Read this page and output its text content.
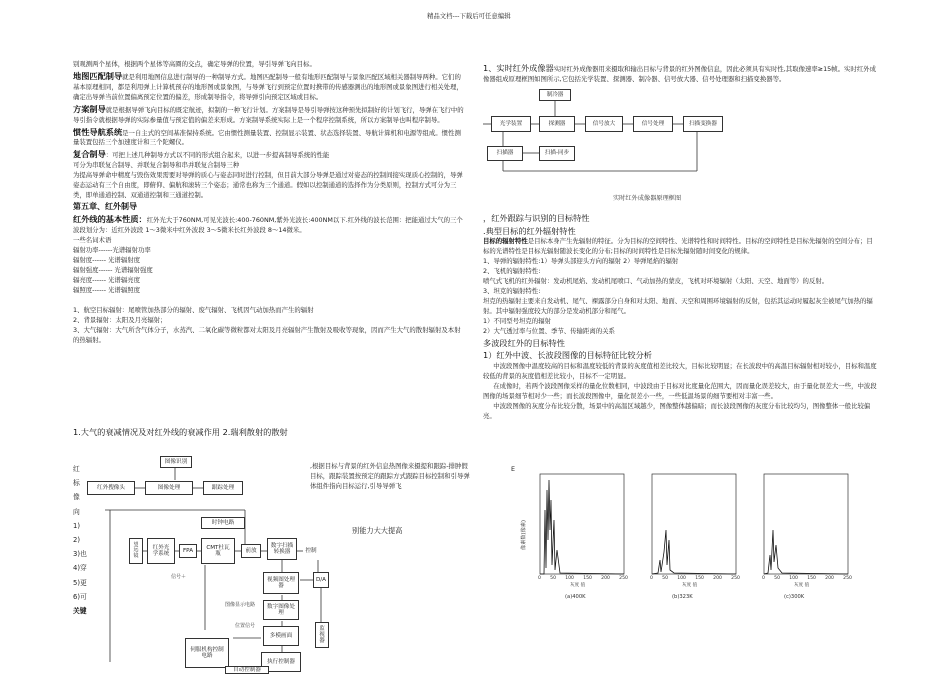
精品文档---下载后可任意编辑

别观测两个星体，根据两个星体等高圈的交点，确定导弹的位置，导引导弹飞向目标。

地图匹配制导就是利用地图信息进行制导的一种制导方式。地图匹配制导一般有地形匹配制导与景象匹配区域相关器制导两种。它们的基本原理相同，都是利用弹上计算机预存的地形图或景象图，与导弹飞行到预定位置时携带的传感器测出的地形图或景象图进行相关处理，确定出导弹当前位置偏离预定位置的偏差，形成制导指令，将导弹引向预定区域或目标。

方案制导就是根据导弹飞向目标的既定航迹，拟制的一种飞行计划。方案制导是导引导弹按这种预先拟制好的计划飞行，导弹在飞行中的导引指令就根据导弹的实际参量值与预定值的偏差来形成。方案制导系统实际上是一个程序控制系统，所以方案制导也叫程序制导。

惯性导航系统是一自主式的空间基准保持系统。它由惯性测量装置、控制显示装置、状态选择装置、导航计算机和电源等组成。惯性测量装置包括三个加速度计和三个陀螺仪。

复合制导：可把上述几种制导方式以不同的形式组合起来，以进一步提高制导系统的性能

可分为串联复合制导、并联复合制导和串并联复合制导三种

为提高导弹命中精度与毁伤效果需要对导弹的质心与姿态同时进行控制，但目前大部分导弹是通过对姿态的控制间接实现质心控制的，导弹姿态运动有三个自由度，即俯仰、偏航和滚转三个姿态；通常也称为三个通道。假如以控制通道的选择作为分类原则，控制方式可分为三类，即单通道控制、双通道控制和三通道控制。

第五章、红外制导

红外线的基本性质：红外光大于760NM,可见光波长:400-760NM,紫外光波长:400NM以下.红外线的波长范围：把能通过大气的三个波段划分为：近红外波段 1～3微米中红外波段 3～5微米长红外波段 8～14微米。

一些名词术语

辐射功率------光谱辐射功率

辐射度------ 光谱辐射度

辐射强度------ 光谱辐射强度

辐亮度------ 光谱辐亮度

辐照度------ 光谱辐照度

1、航空目标辐射：尾喷管加热部分的辐射、废气辐射、飞机因气动加热而产生的辐射

2、背景辐射：太阳及月亮辐射；

3、大气辐射：大气所含气体分子，水蒸汽、二氧化碳等微粒都对太阳及月亮辐射产生散射及吸收等现象，因而产生大气的散射辐射及本射的热辐射。

1.大气的衰减情况及对红外线的衰减作用 2.瑞利散射的散射
红
标
像
向
1)
2)
3)也
4)穿
5)更
6)可
关键
,根据目标与背景的红外信息热图像来摄提和跟踪-排肿假目标，跟踪装置按预定的跟踪方式跟踪目标控制和引导弹体组件指向目标运行,引导导弹飞
别能力大大提高
图像识别
红外搜像头	图像处理	跟踪处理
时钟电路
望远镜
红外光学系统
FPA
CMT杜瓦瓶
前放
数字扫描转换器	控制
视频图处理器
数字图像处理
多模画面
执行控制器
伺服机构控制电路
D/A
监视器
自动控制器
信号＋
图像显示电路
位置信号

1、实时红外成像器实时红外成像器用来摄取和输出目标与背景的红外图像信息，因此必须具有实时性,其取像速率≥15帧。实时红外成像器组成原理框图如图所示,它包括光学装置、探测器、制冷器、信号放大器、信号处理器和扫描变换器等。

制冷器
光学装置	探测器	信号放大	信号处理	扫描变换器
扫描器	扫描-同步
实时红外成像器原理框图

，红外跟踪与识别的目标特性

.典型目标的红外辐射特性

目标的辐射特性是目标本身产生先辐射的特征。分为目标的空间特性、光谱特性和时间特性。目标的空间特性是目标先辐射的空间分布；目标的光谱特性是目标光辐射随波长变化的分布;目标的时间特性是目标先辐射随时间变化的规律。

1、导弹的辐射特性:1）导弹头部迎头方向的辐射 2）导弹尾焰的辐射

2、飞机的辐射特性:

喷气式飞机的红外辐射：发动机尾焰、发动机尾喷口、气动加热的蒙皮，飞机对环境辐射（太阳、天空、地面等）的反射。

3、坦克的辐射特性:

坦克的热辐射主要来自发动机、尾气、裸露部分自身和对太阳、地面、天空和周围环境辐射的反射，包括其运动时履起灰尘被尾气加热的辐射。其中辐射强度较大的部分是发动机部分和尾气。

1）不同型号坦克的辐射

2）大气透过率与位置、季节、传输距离的关系

多波段红外的目标特性

1）红外中波、长波段图像的目标特征比较分析

中波段图像中温度较高的目标和温度较低的背景的灰度值相差比较大，目标比较明显；在长波段中的高温目标辐射相对较小，目标和温度较低的背景的灰度值相差比较小，目标不一定明显。

在成像时，若两个波段图像采样的量化位数相同，中波段由于目标对比度量化范围大，因而量化误差较大，由于量化误差大一些，中波段图像的场景细节相对少一些；而长波段图像中，量化误差小一些，一些低温场景的细节要相对丰富一些。

中波段图像的灰度分布比较分散，场景中的高温区域越少，图像整体越偏暗；而长波段图像的灰度分布比较均匀，图像整体一般比较偏亮。

E
像素数(像素)
0 50 100 150 200 250
灰度 值
(a)400K
0 50 100 150 200 250
灰度 值
(b)323K
0 50 100 150 200 250
灰度 值
(c)300K
